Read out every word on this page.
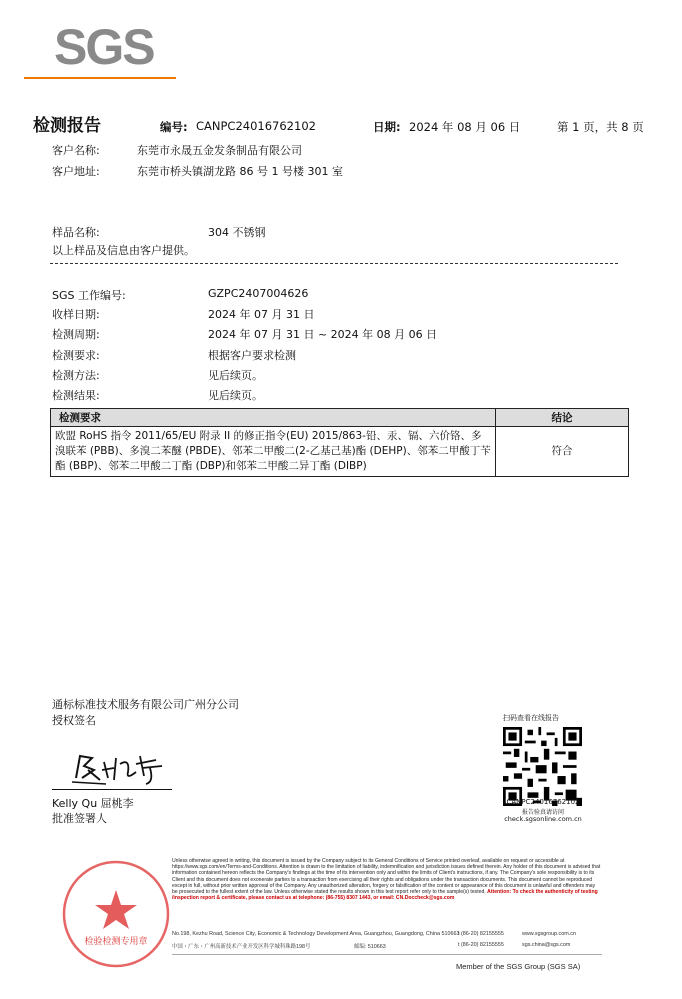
SGS
检测报告	编号: CANPC24016762102	日期: 2024 年 08 月 06 日	第 1 页，共 8 页
客户名称:	东莞市永晟五金发条制品有限公司
客户地址:	东莞市桥头镇湖龙路 86 号 1 号楼 301 室
样品名称:	304 不锈钢
以上样品及信息由客户提供。
SGS 工作编号:	GZPC2407004626
收样日期:	2024 年 07 月 31 日
检测周期:	2024 年 07 月 31 日 ~ 2024 年 08 月 06 日
检测要求:	根据客户要求检测
检测方法:	见后续页。
检测结果:	见后续页。
检测要求	结论
欧盟 RoHS 指令 2011/65/EU 附录 II 的修正指令(EU) 2015/863-铅、汞、镉、六价铬、多溴联苯 (PBB)、多溴二苯醚 (PBDE)、邻苯二甲酸二(2-乙基己基)酯 (DEHP)、邻苯二甲酸丁苄酯 (BBP)、邻苯二甲酸二丁酯 (DBP)和邻苯二甲酸二异丁酯 (DIBP)	符合
通标标准技术服务有限公司广州分公司
授权签名
Kelly Qu 屈桃李
批准签署人
扫码查看在线报告
CANPC24016762102
报告验真请访问
check.sgsonline.com.cn
检验检测专用章
Unless otherwise agreed in writing, this document is issued by the Company subject to its General Conditions of Service printed overleaf, available on request or accessible at https://www.sgs.com/en/Terms-and-Conditions. Attention is drawn to the limitation of liability, indemnification and jurisdiction issues defined therein. Any holder of this document is advised that information contained hereon reflects the Company's findings at the time of its intervention only and within the limits of Client's instructions, if any. The Company's sole responsibility is to its Client and this document does not exonerate parties to a transaction from exercising all their rights and obligations under the transaction documents. This document cannot be reproduced except in full, without prior written approval of the Company. Any unauthorized alteration, forgery or falsification of the content or appearance of this document is unlawful and offenders may be prosecuted to the fullest extent of the law. Unless otherwise stated the results shown in this test report refer only to the sample(s) tested. Attention: To check the authenticity of testing /inspection report & certificate, please contact us at telephone: (86-755) 8307 1443, or email: CN.Doccheck@sgs.com
No.198, Kezhu Road, Science City, Economic & Technology Development Area, Guangzhou, Guangdong, China 510663
t (86-20) 82155555	www.sgsgroup.com.cn
中国・广东・广州高新技术产业开发区科学城科珠路198号	邮编: 510663	t (86-20) 82155555	sgs.china@sgs.com
Member of the SGS Group (SGS SA)
